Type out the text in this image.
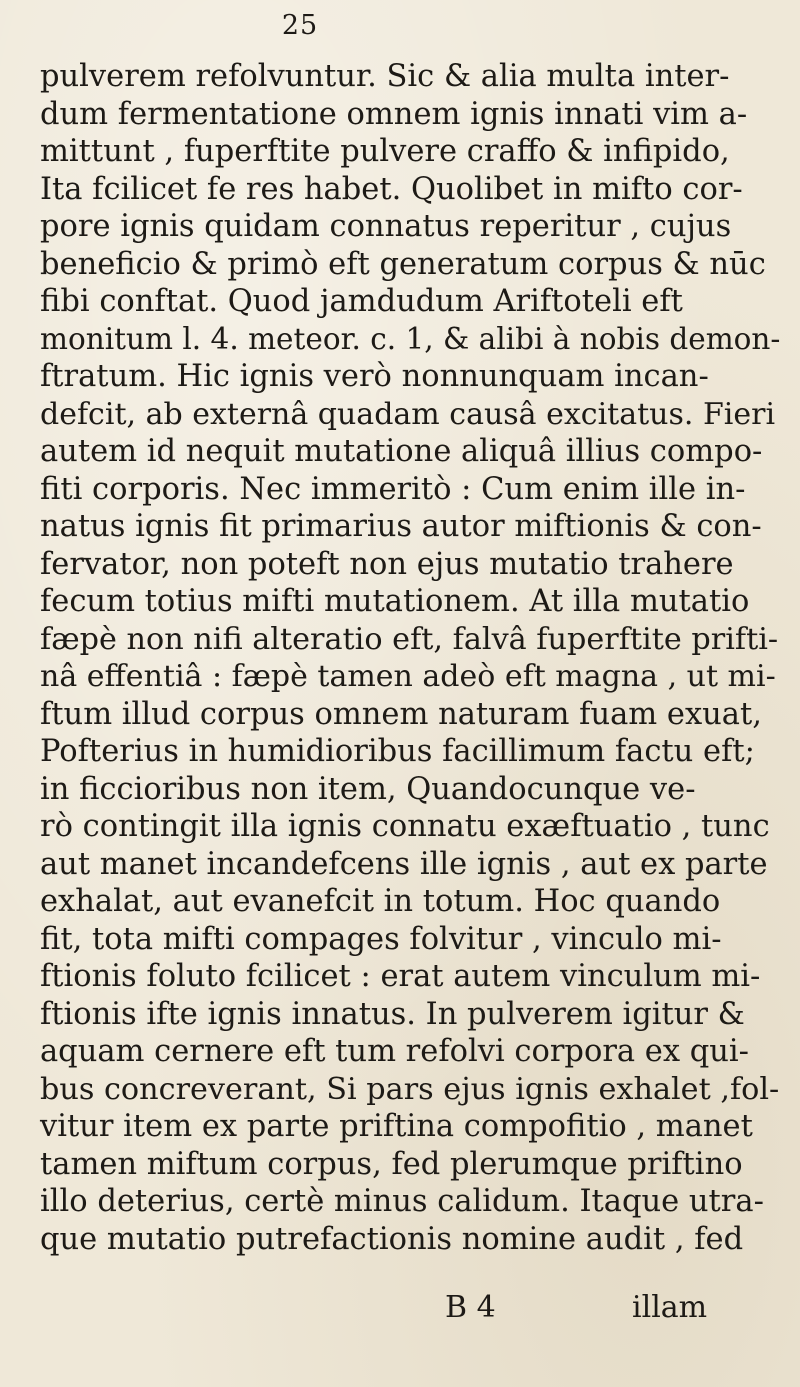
25
pulverem refolvuntur. Sic & alia multa inter-
dum fermentatione omnem ignis innati vim a-
mittunt , fuperftite pulvere craffo & infipido,
Ita fcilicet fe res habet. Quolibet in mifto cor-
pore ignis quidam connatus reperitur , cujus
beneficio & primò eft generatum corpus & nūc
fibi conftat. Quod jamdudum Ariftoteli eft
monitum l. 4. meteor. c. 1, & alibi à nobis demon-
ftratum. Hic ignis verò nonnunquam incan-
defcit, ab externâ quadam causâ excitatus. Fieri
autem id nequit mutatione aliquâ illius compo-
fiti corporis. Nec immeritò : Cum enim ille in-
natus ignis fit primarius autor miftionis & con-
fervator, non poteft non ejus mutatio trahere
fecum totius mifti mutationem. At illa mutatio
fæpè non nifi alteratio eft, falvâ fuperftite prifti-
nâ effentiâ : fæpè tamen adeò eft magna , ut mi-
ftum illud corpus omnem naturam fuam exuat,
Pofterius in humidioribus facillimum factu eft;
in ficcioribus non item, Quandocunque ve-
rò contingit illa ignis connatu exæftuatio , tunc
aut manet incandefcens ille ignis , aut ex parte
exhalat, aut evanefcit in totum. Hoc quando
fit, tota mifti compages folvitur , vinculo mi-
ftionis foluto fcilicet : erat autem vinculum mi-
ftionis ifte ignis innatus. In pulverem igitur &
aquam cernere eft tum refolvi corpora ex qui-
bus concreverant, Si pars ejus ignis exhalet ,fol-
vitur item ex parte priftina compofitio , manet
tamen miftum corpus, fed plerumque priftino
illo deterius, certè minus calidum. Itaque utra-
que mutatio putrefactionis nomine audit , fed
B 4	illam
